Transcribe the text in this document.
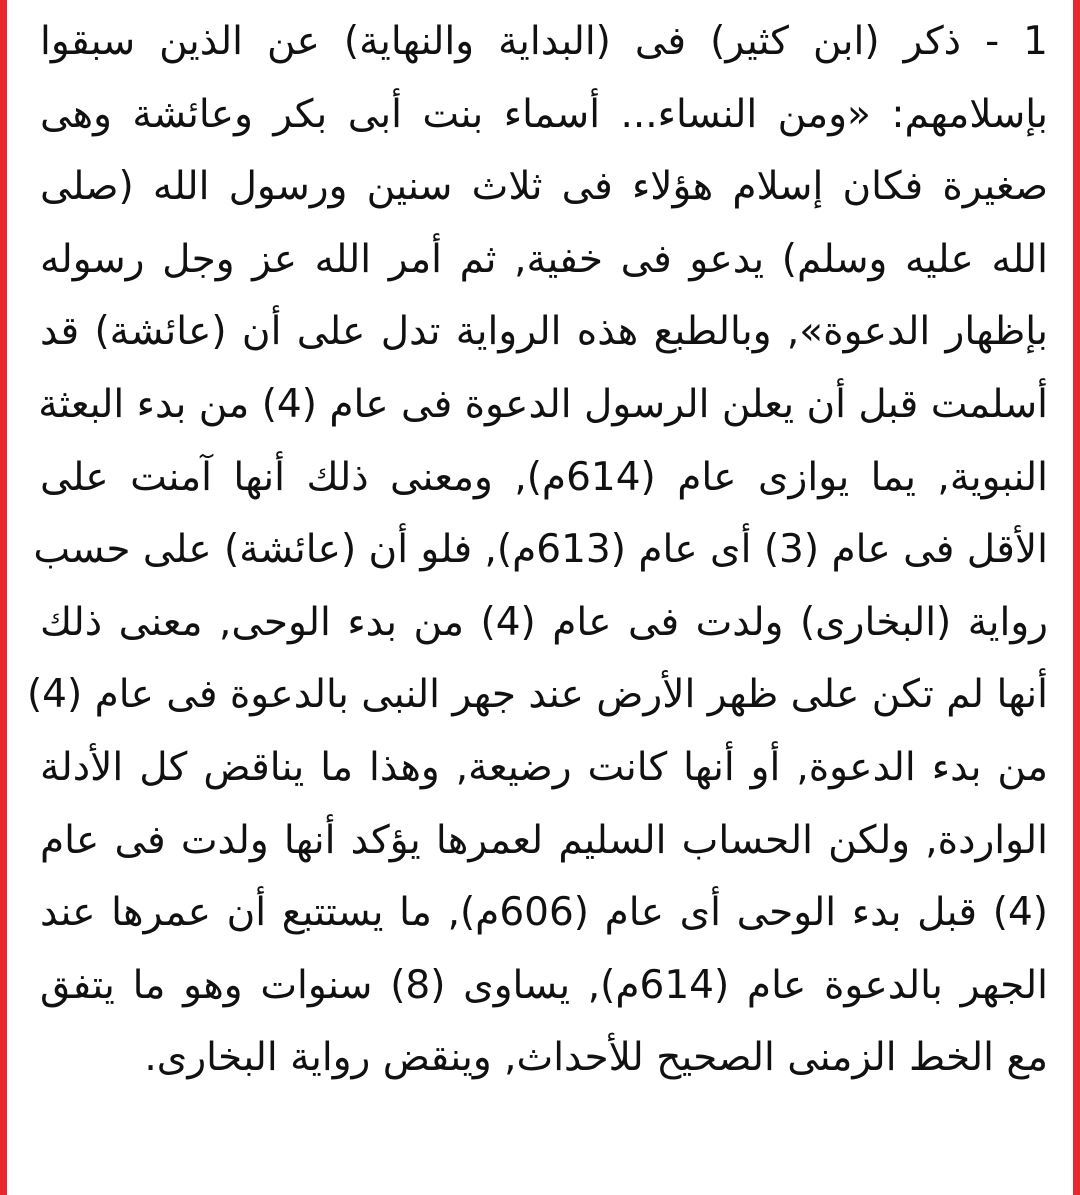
1 - ذكر (ابن كثير) فى (البداية والنهاية) عن الذين سبقوا
بإسلامهم: «ومن النساء... أسماء بنت أبى بكر وعائشة وهى
صغيرة فكان إسلام هؤلاء فى ثلاث سنين ورسول الله (صلى
الله عليه وسلم) يدعو فى خفية, ثم أمر الله عز وجل رسوله
بإظهار الدعوة», وبالطبع هذه الرواية تدل على أن (عائشة) قد
أسلمت قبل أن يعلن الرسول الدعوة فى عام (4) من بدء البعثة
النبوية, يما يوازى عام (614م), ومعنى ذلك أنها آمنت على
الأقل فى عام (3) أى عام (613م), فلو أن (عائشة) على حسب
رواية (البخارى) ولدت فى عام (4) من بدء الوحى, معنى ذلك
أنها لم تكن على ظهر الأرض عند جهر النبى بالدعوة فى عام (4)
من بدء الدعوة, أو أنها كانت رضيعة, وهذا ما يناقض كل الأدلة
الواردة, ولكن الحساب السليم لعمرها يؤكد أنها ولدت فى عام
(4) قبل بدء الوحى أى عام (606م), ما يستتبع أن عمرها عند
الجهر بالدعوة عام (614م), يساوى (8) سنوات وهو ما يتفق
مع الخط الزمنى الصحيح للأحداث, وينقض رواية البخارى.
